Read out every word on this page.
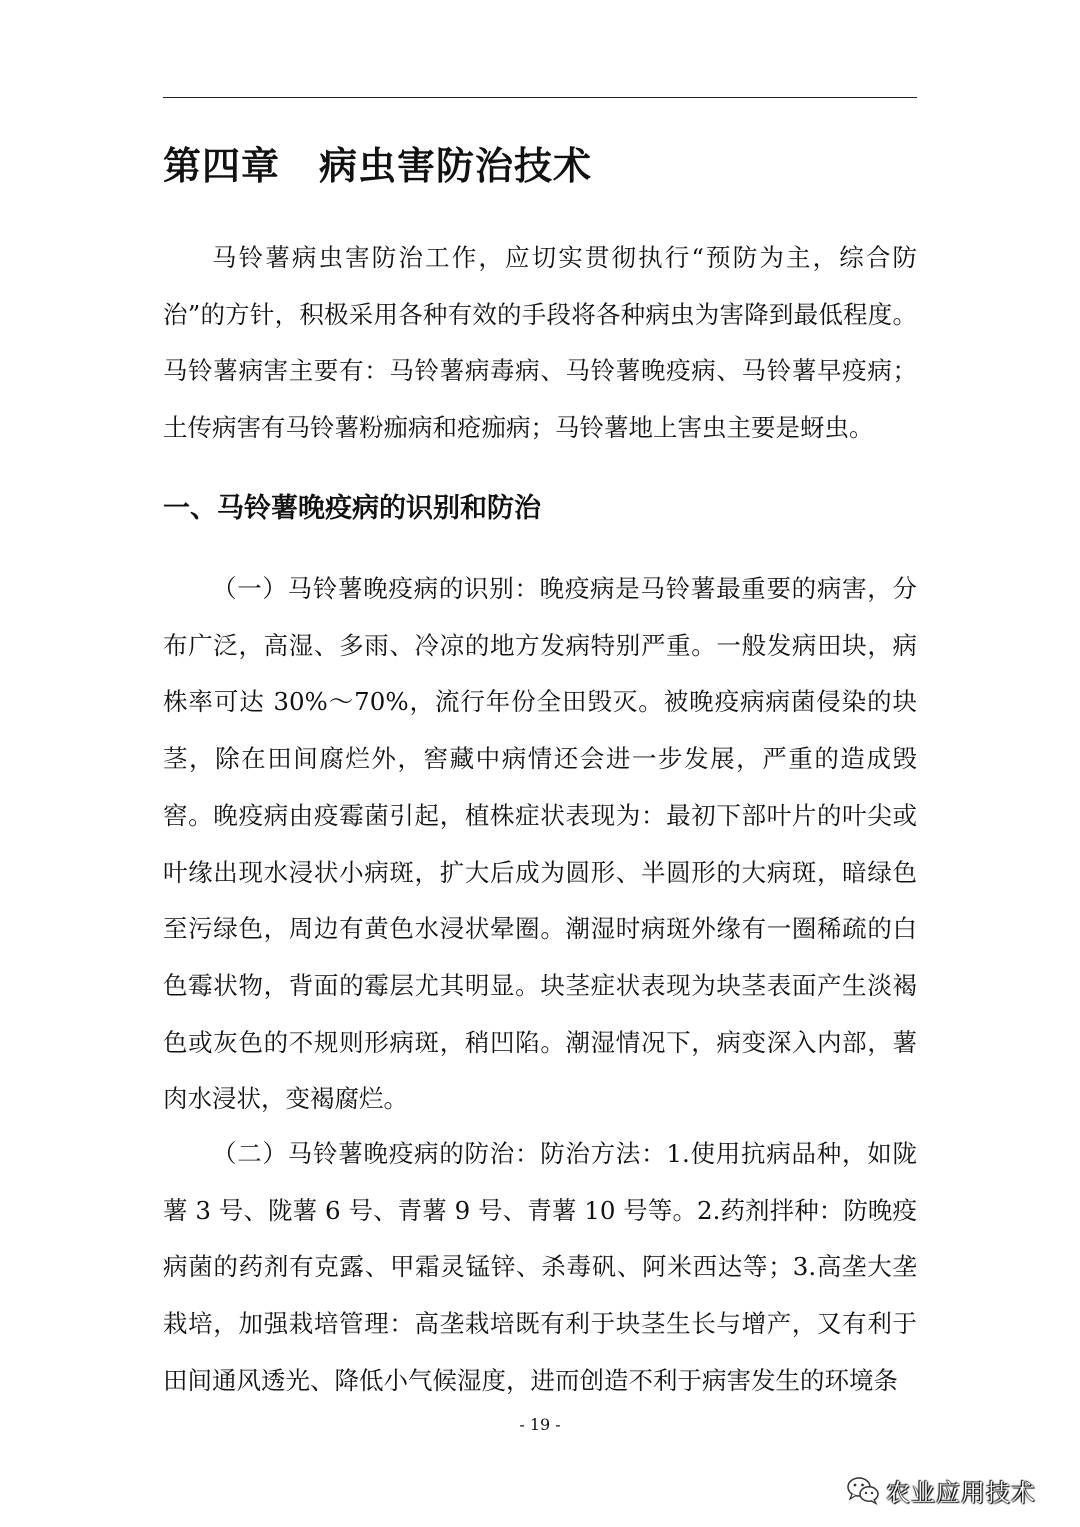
第四章　病虫害防治技术

马铃薯病虫害防治工作，应切实贯彻执行“预防为主，综合防治”的方针，积极采用各种有效的手段将各种病虫为害降到最低程度。马铃薯病害主要有：马铃薯病毒病、马铃薯晚疫病、马铃薯早疫病；土传病害有马铃薯粉痂病和疮痂病；马铃薯地上害虫主要是蚜虫。

一、马铃薯晚疫病的识别和防治

（一）马铃薯晚疫病的识别：晚疫病是马铃薯最重要的病害，分布广泛，高湿、多雨、冷凉的地方发病特别严重。一般发病田块，病株率可达 30%～70%，流行年份全田毁灭。被晚疫病病菌侵染的块茎，除在田间腐烂外，窖藏中病情还会进一步发展，严重的造成毁窖。晚疫病由疫霉菌引起，植株症状表现为：最初下部叶片的叶尖或叶缘出现水浸状小病斑，扩大后成为圆形、半圆形的大病斑，暗绿色至污绿色，周边有黄色水浸状晕圈。潮湿时病斑外缘有一圈稀疏的白色霉状物，背面的霉层尤其明显。块茎症状表现为块茎表面产生淡褐色或灰色的不规则形病斑，稍凹陷。潮湿情况下，病变深入内部，薯肉水浸状，变褐腐烂。

（二）马铃薯晚疫病的防治：防治方法：1.使用抗病品种，如陇薯 3 号、陇薯 6 号、青薯 9 号、青薯 10 号等。2.药剂拌种：防晚疫病菌的药剂有克露、甲霜灵锰锌、杀毒矾、阿米西达等；3.高垄大垄栽培，加强栽培管理：高垄栽培既有利于块茎生长与增产，又有利于田间通风透光、降低小气候湿度，进而创造不利于病害发生的环境条

- 19 -
农业应用技术
